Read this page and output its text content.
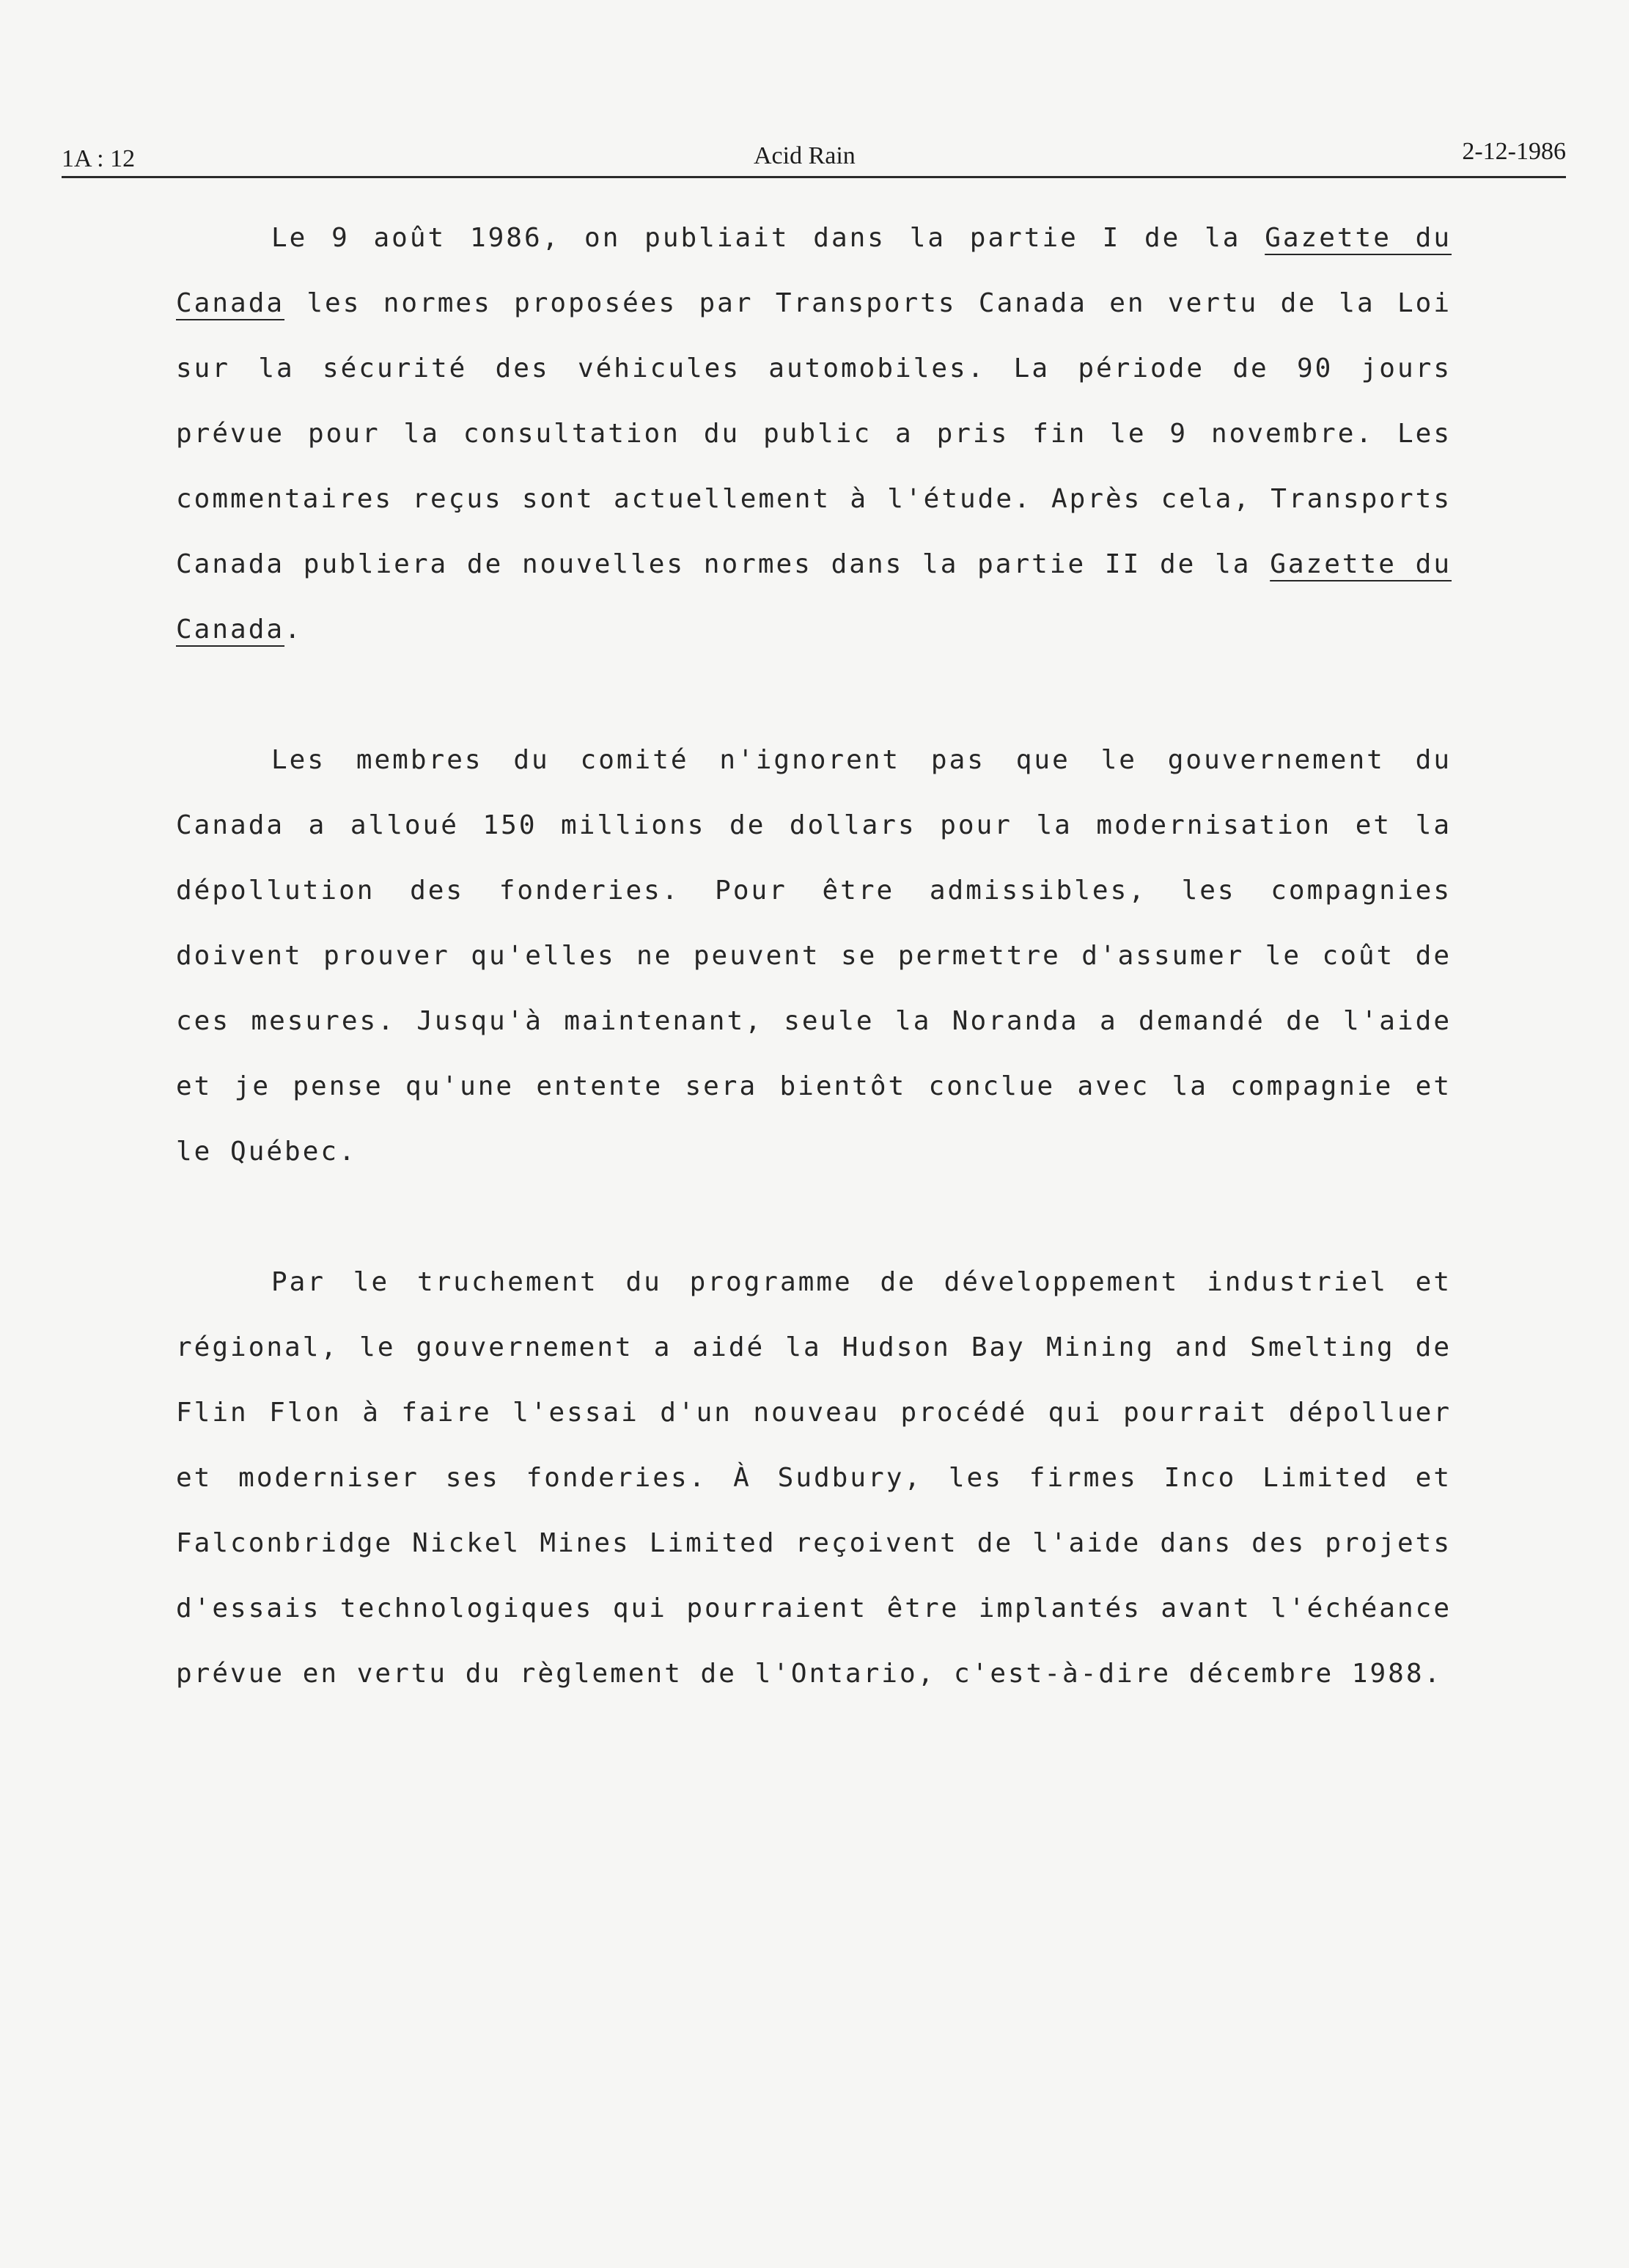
1A : 12	Acid Rain	2-12-1986

Le 9 août 1986, on publiait dans la partie I de la Gazette du Canada les normes proposées par Transports Canada en vertu de la Loi sur la sécurité des véhicules automobiles. La période de 90 jours prévue pour la consultation du public a pris fin le 9 novembre. Les commentaires reçus sont actuellement à l'étude. Après cela, Transports Canada publiera de nouvelles normes dans la partie II de la Gazette du Canada.

Les membres du comité n'ignorent pas que le gouvernement du Canada a alloué 150 millions de dollars pour la modernisation et la dépollution des fonderies. Pour être admissibles, les compagnies doivent prouver qu'elles ne peuvent se permettre d'assumer le coût de ces mesures. Jusqu'à maintenant, seule la Noranda a demandé de l'aide et je pense qu'une entente sera bientôt conclue avec la compagnie et le Québec.

Par le truchement du programme de développement industriel et régional, le gouvernement a aidé la Hudson Bay Mining and Smelting de Flin Flon à faire l'essai d'un nouveau procédé qui pourrait dépolluer et moderniser ses fonderies. À Sudbury, les firmes Inco Limited et Falconbridge Nickel Mines Limited reçoivent de l'aide dans des projets d'essais technologiques qui pourraient être implantés avant l'échéance prévue en vertu du règlement de l'Ontario, c'est-à-dire décembre 1988.
